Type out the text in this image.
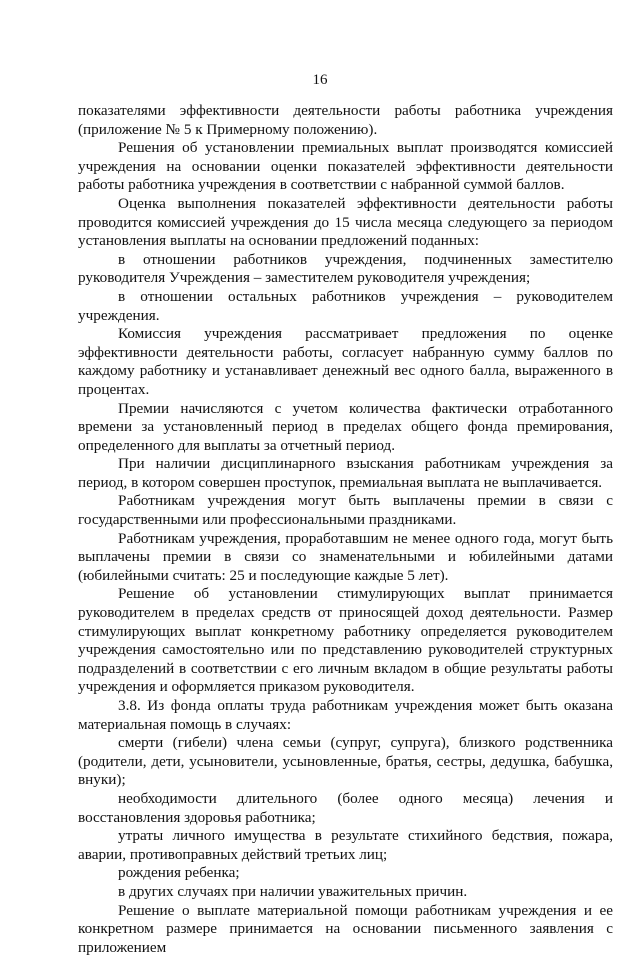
16

показателями эффективности деятельности работы работника учреждения (приложение № 5 к Примерному положению).

Решения об установлении премиальных выплат производятся комиссией учреждения на основании оценки показателей эффективности деятельности работы работника учреждения в соответствии с набранной суммой баллов.

Оценка выполнения показателей эффективности деятельности работы проводится комиссией учреждения до 15 числа месяца следующего за периодом установления выплаты на основании предложений поданных:

в отношении работников учреждения, подчиненных заместителю руководителя Учреждения – заместителем руководителя учреждения;

в отношении остальных работников учреждения – руководителем учреждения.

Комиссия учреждения рассматривает предложения по оценке эффективности деятельности работы, согласует набранную сумму баллов по каждому работнику и устанавливает денежный вес одного балла, выраженного в процентах.

Премии начисляются с учетом количества фактически отработанного времени за установленный период в пределах общего фонда премирования, определенного для выплаты за отчетный период.

При наличии дисциплинарного взыскания работникам учреждения за период, в котором совершен проступок, премиальная выплата не выплачивается.

Работникам учреждения могут быть выплачены премии в связи с государственными или профессиональными праздниками.

Работникам учреждения, проработавшим не менее одного года, могут быть выплачены премии в связи со знаменательными и юбилейными датами (юбилейными считать: 25 и последующие каждые 5 лет).

Решение об установлении стимулирующих выплат принимается руководителем в пределах средств от приносящей доход деятельности. Размер стимулирующих выплат конкретному работнику определяется руководителем учреждения самостоятельно или по представлению руководителей структурных подразделений в соответствии с его личным вкладом в общие результаты работы учреждения и оформляется приказом руководителя.

3.8. Из фонда оплаты труда работникам учреждения может быть оказана материальная помощь в случаях:

смерти (гибели) члена семьи (супруг, супруга), близкого родственника (родители, дети, усыновители, усыновленные, братья, сестры, дедушка, бабушка, внуки);

необходимости длительного (более одного месяца) лечения и восстановления здоровья работника;

утраты личного имущества в результате стихийного бедствия, пожара, аварии, противоправных действий третьих лиц;

рождения ребенка;

в других случаях при наличии уважительных причин.

Решение о выплате материальной помощи работникам учреждения и ее конкретном размере принимается на основании письменного заявления с приложением
